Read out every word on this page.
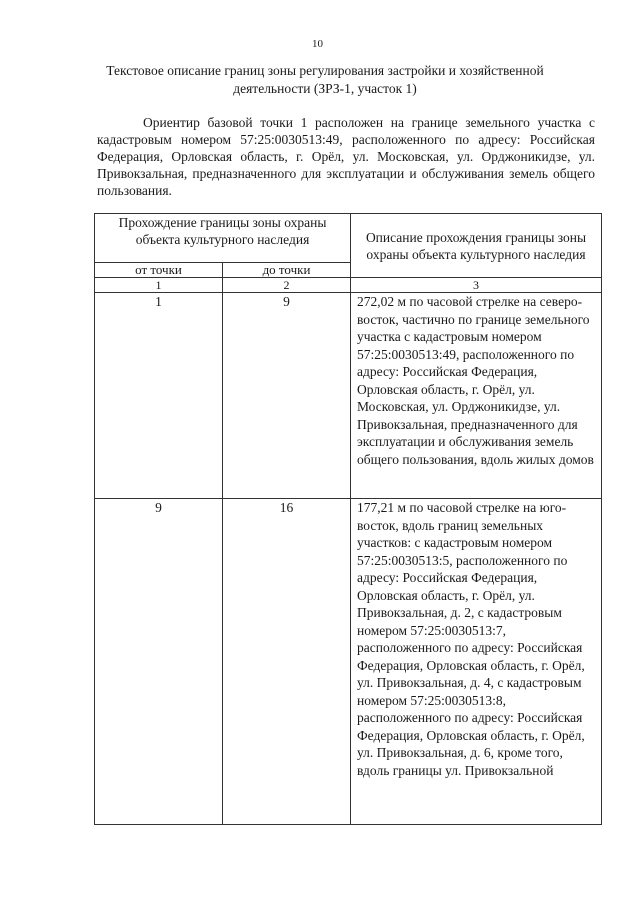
10
Текстовое описание границ зоны регулирования застройки и хозяйственной деятельности (ЗРЗ-1, участок 1)
Ориентир базовой точки 1 расположен на границе земельного участка с кадастровым номером 57:25:0030513:49, расположенного по адресу: Российская Федерация, Орловская область, г. Орёл, ул. Московская, ул. Орджоникидзе, ул. Привокзальная, предназначенного для эксплуатации и обслуживания земель общего пользования.
Прохождение границы зоны охраны объекта культурного наследия		Описание прохождения границы зоны охраны объекта культурного наследия
от точки	до точки	
1	2	3
1	9	272,02 м по часовой стрелке на северо-восток, частично по границе земельного участка с кадастровым номером 57:25:0030513:49, расположенного по адресу: Российская Федерация, Орловская область, г. Орёл, ул. Московская, ул. Орджоникидзе, ул. Привокзальная, предназначенного для эксплуатации и обслуживания земель общего пользования, вдоль жилых домов
9	16	177,21 м по часовой стрелке на юго-восток, вдоль границ земельных участков: с кадастровым номером 57:25:0030513:5, расположенного по адресу: Российская Федерация, Орловская область, г. Орёл, ул. Привокзальная, д. 2, с кадастровым номером 57:25:0030513:7, расположенного по адресу: Российская Федерация, Орловская область, г. Орёл, ул. Привокзальная, д. 4, с кадастровым номером 57:25:0030513:8, расположенного по адресу: Российская Федерация, Орловская область, г. Орёл, ул. Привокзальная, д. 6, кроме того, вдоль границы ул. Привокзальной
